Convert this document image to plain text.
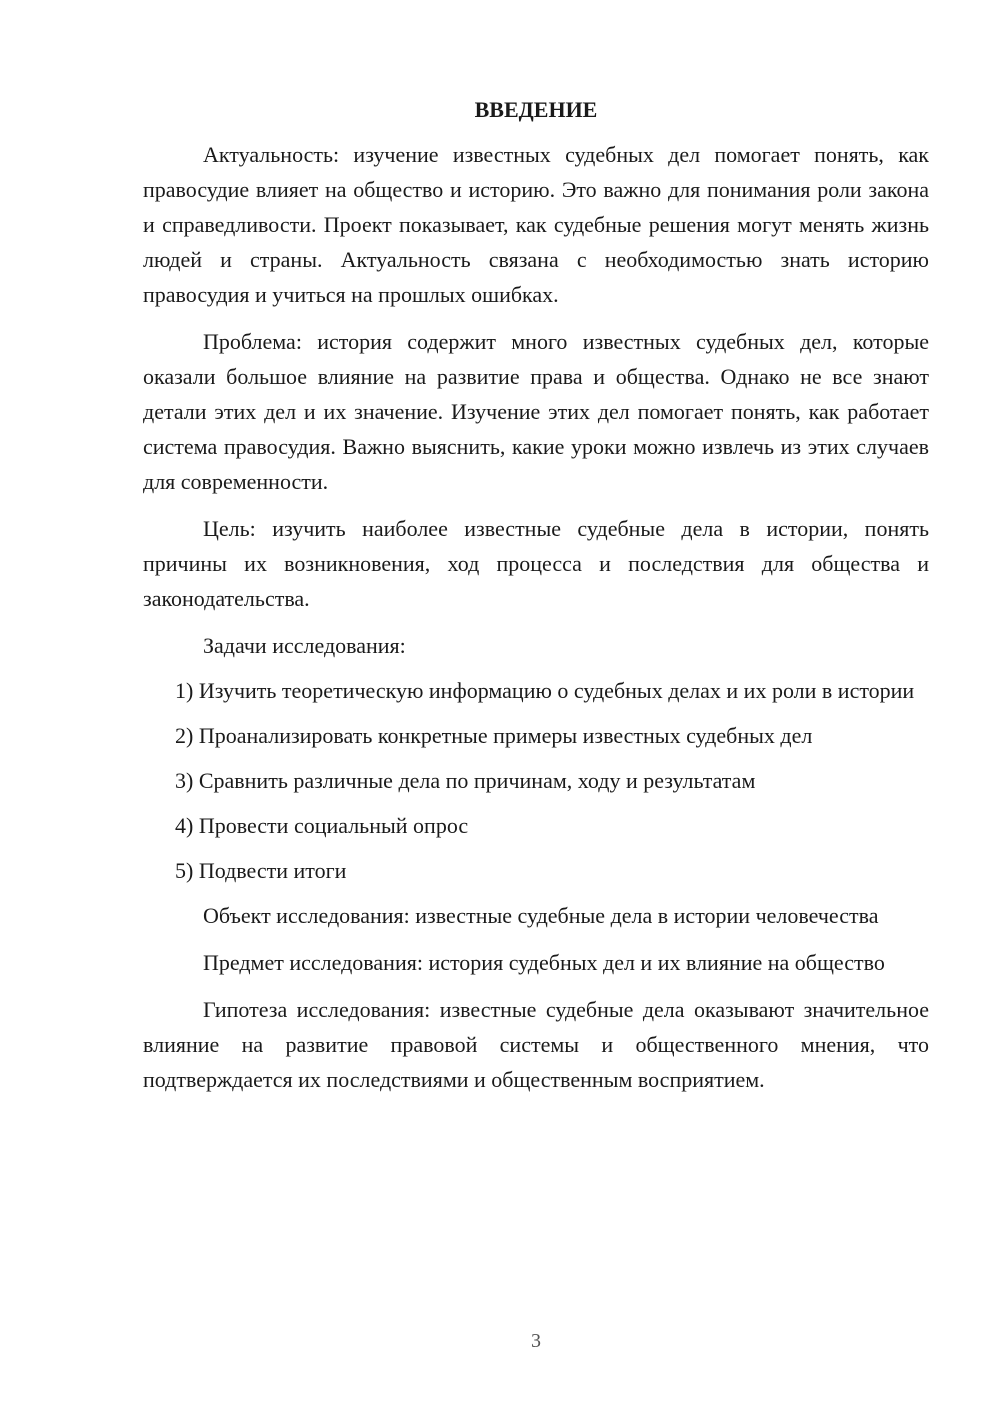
ВВЕДЕНИЕ

Актуальность: изучение известных судебных дел помогает понять, как правосудие влияет на общество и историю. Это важно для понимания роли закона и справедливости. Проект показывает, как судебные решения могут менять жизнь людей и страны. Актуальность связана с необходимостью знать историю правосудия и учиться на прошлых ошибках.

Проблема: история содержит много известных судебных дел, которые оказали большое влияние на развитие права и общества. Однако не все знают детали этих дел и их значение. Изучение этих дел помогает понять, как работает система правосудия. Важно выяснить, какие уроки можно извлечь из этих случаев для современности.

Цель: изучить наиболее известные судебные дела в истории, понять причины их возникновения, ход процесса и последствия для общества и законодательства.

Задачи исследования:

1) Изучить теоретическую информацию о судебных делах и их роли в истории

2) Проанализировать конкретные примеры известных судебных дел

3) Сравнить различные дела по причинам, ходу и результатам

4) Провести социальный опрос

5) Подвести итоги

Объект исследования: известные судебные дела в истории человечества

Предмет исследования: история судебных дел и их влияние на общество

Гипотеза исследования: известные судебные дела оказывают значительное влияние на развитие правовой системы и общественного мнения, что подтверждается их последствиями и общественным восприятием.

3
